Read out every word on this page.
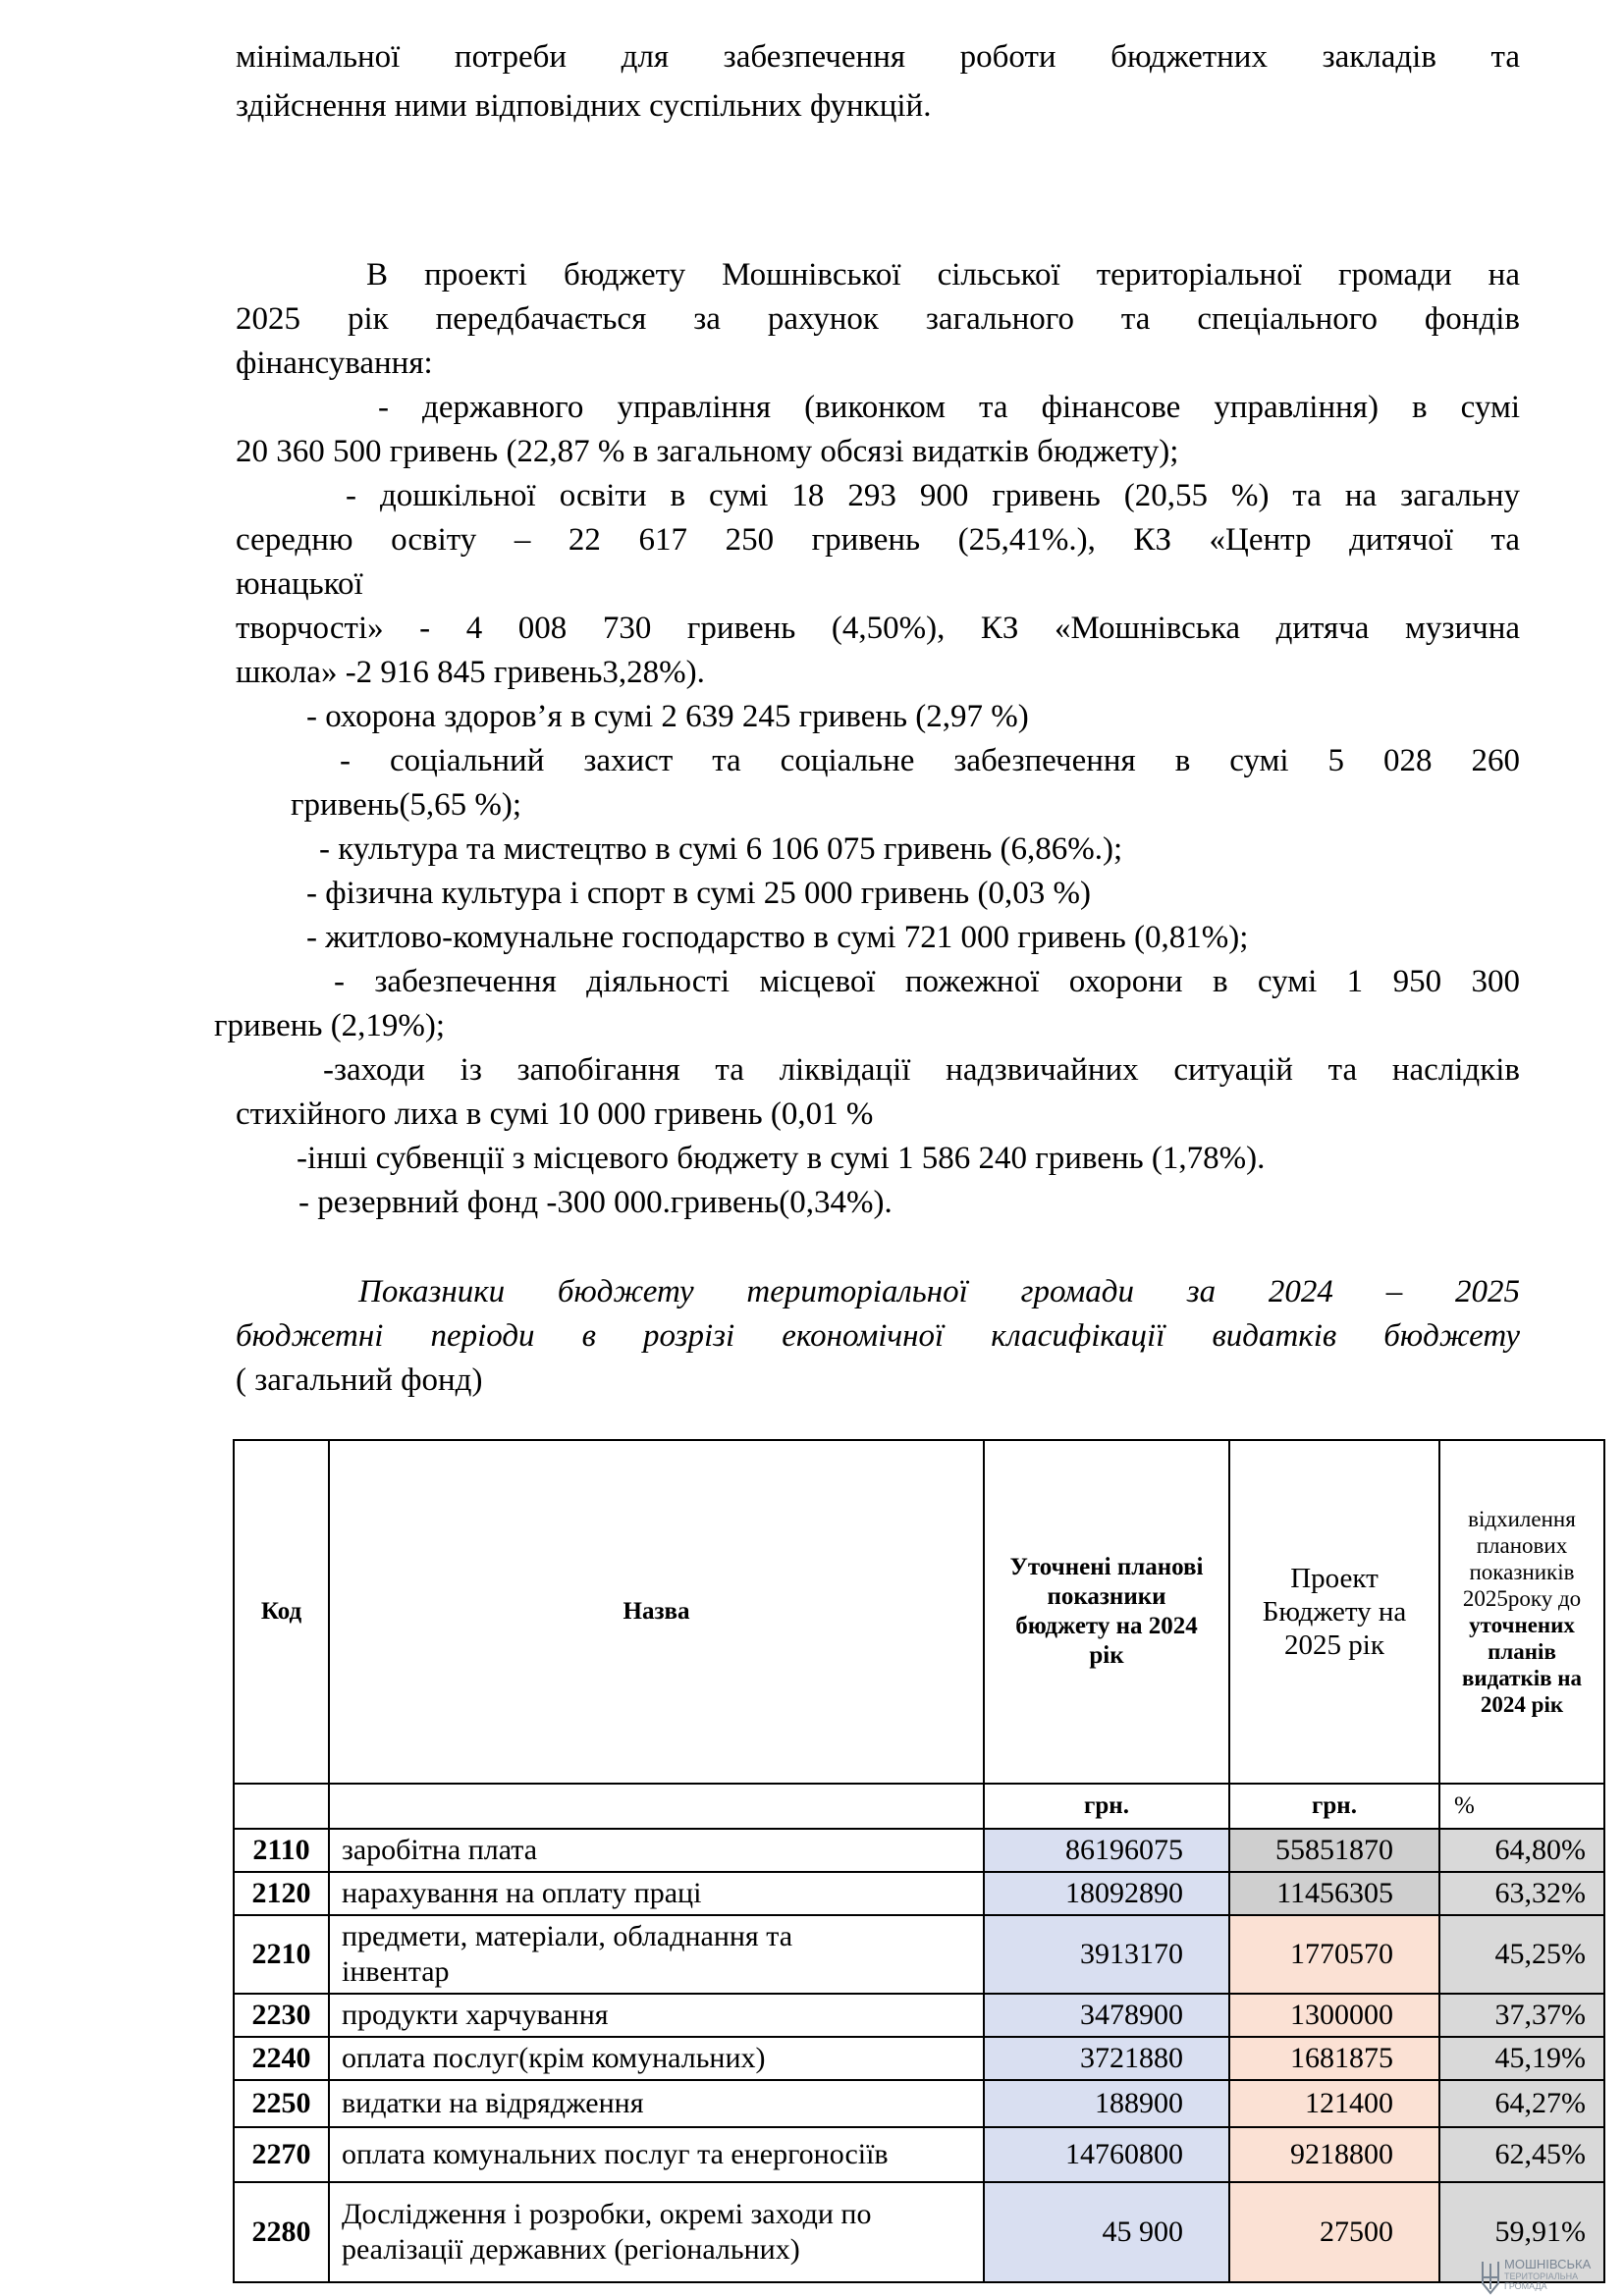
мінімальної потреби для забезпечення роботи бюджетних закладів та
здійснення ними відповідних суспільних функцій.
В проекті бюджету Мошнівської сільської територіальної громади на
2025 рік передбачається за рахунок загального та спеціального фондів
фінансування:
- державного управління (виконком та фінансове управління) в сумі
20 360 500 гривень (22,87 % в загальному обсязі видатків бюджету);
- дошкільної освіти в сумі 18 293 900 гривень (20,55 %) та на загальну
середню освіту – 22 617 250 гривень (25,41%.), КЗ «Центр дитячої та
юнацької
творчості» - 4 008 730 гривень (4,50%), КЗ «Мошнівська дитяча музична
школа» -2 916 845 гривень3,28%).
- охорона здоров’я в сумі 2 639 245 гривень (2,97 %)
- соціальний захист та соціальне забезпечення в сумі 5 028 260
гривень(5,65 %);
- культура та мистецтво в сумі 6 106 075 гривень (6,86%.);
- фізична культура і спорт в сумі 25 000 гривень (0,03 %)
- житлово-комунальне господарство в сумі 721 000 гривень (0,81%);
- забезпечення діяльності місцевої пожежної охорони в сумі 1 950 300
гривень (2,19%);
-заходи із запобігання та ліквідації надзвичайних ситуацій та наслідків
стихійного лиха в сумі 10 000 гривень (0,01 %
-інші субвенції з місцевого бюджету в сумі 1 586 240 гривень (1,78%).
- резервний фонд -300 000.гривень(0,34%).
Показники бюджету територіальної громади за 2024 – 2025
бюджетні періоди в розрізі економічної класифікації видатків бюджету
( загальний фонд)
Код	Назва	Уточнені планові показники бюджету на 2024 рік	Проект Бюджету на 2025 рік	відхилення планових показників 2025року до
уточнених планів видатків на 2024 рік
		грн.	грн.	%
2110	заробітна плата	86196075	55851870	64,80%
2120	нарахування на оплату праці	18092890	11456305	63,32%
2210	предмети, матеріали, обладнання та інвентар	3913170	1770570	45,25%
2230	продукти харчування	3478900	1300000	37,37%
2240	оплата послуг(крім комунальних)	3721880	1681875	45,19%
2250	видатки на відрядження	188900	121400	64,27%
2270	оплата комунальних послуг та енергоносіїв	14760800	9218800	62,45%
2280	Дослідження і розробки, окремі заходи по реалізації державних (регіональних)	45 900	27500	59,91%
МОШНІВСЬКА
ТЕРИТОРІАЛЬНА
ГРОМАДА
